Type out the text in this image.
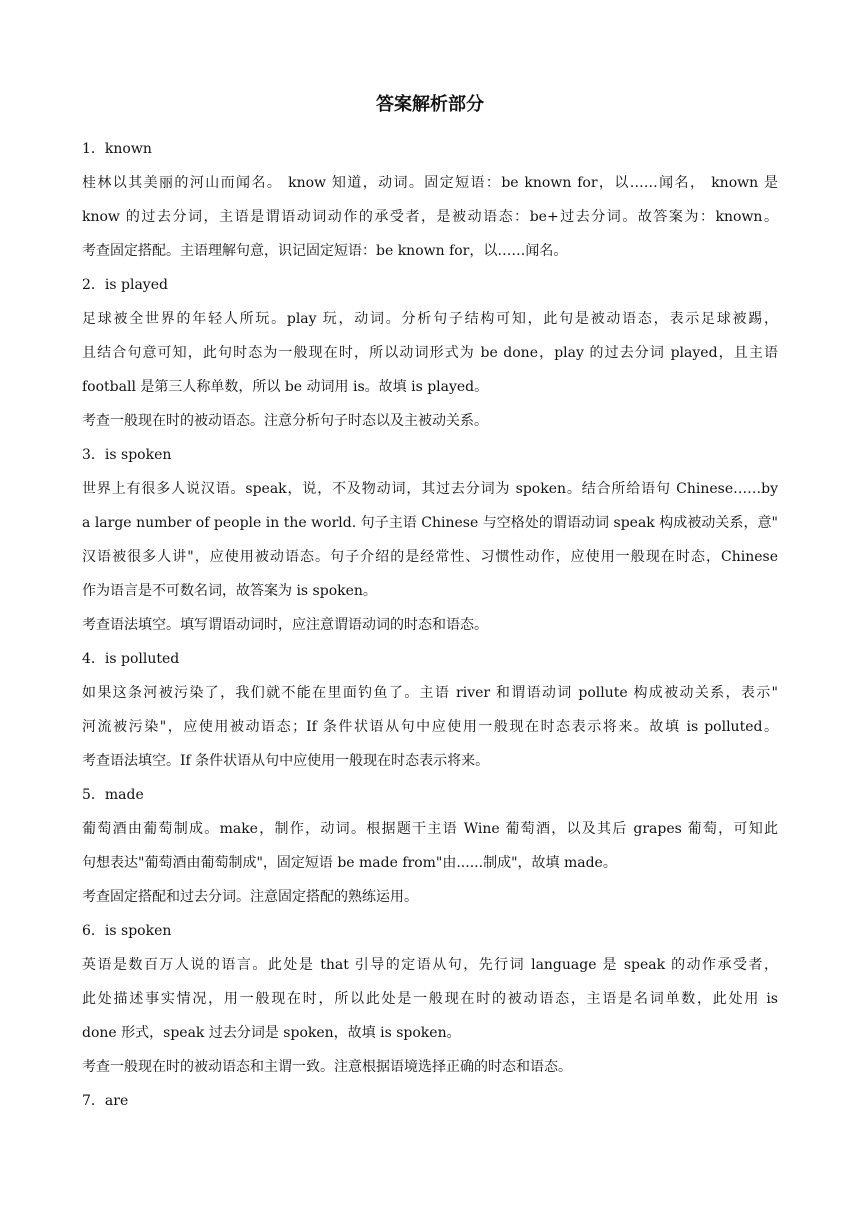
答案解析部分
1．known
桂林以其美丽的河山而闻名。 know 知道，动词。固定短语：be known for，以……闻名， known 是
know 的过去分词，主语是谓语动词动作的承受者，是被动语态：be+过去分词。故答案为：known。
考查固定搭配。主语理解句意，识记固定短语：be known for，以……闻名。
2．is played
足球被全世界的年轻人所玩。play 玩，动词。分析句子结构可知，此句是被动语态，表示足球被踢，
且结合句意可知，此句时态为一般现在时，所以动词形式为 be done，play 的过去分词 played，且主语
football 是第三人称单数，所以 be 动词用 is。故填 is played。
考查一般现在时的被动语态。注意分析句子时态以及主被动关系。
3．is spoken
世界上有很多人说汉语。speak，说，不及物动词，其过去分词为 spoken。结合所给语句 Chinese……by
a large number of people in the world. 句子主语 Chinese 与空格处的谓语动词 speak 构成被动关系，意"
汉语被很多人讲"，应使用被动语态。句子介绍的是经常性、习惯性动作，应使用一般现在时态，Chinese
作为语言是不可数名词，故答案为 is spoken。
考查语法填空。填写谓语动词时，应注意谓语动词的时态和语态。
4．is polluted
如果这条河被污染了，我们就不能在里面钓鱼了。主语 river 和谓语动词 pollute 构成被动关系，表示"
河流被污染"，应使用被动语态；If 条件状语从句中应使用一般现在时态表示将来。故填 is polluted。
考查语法填空。If 条件状语从句中应使用一般现在时态表示将来。
5．made
葡萄酒由葡萄制成。make，制作，动词。根据题干主语 Wine 葡萄酒，以及其后 grapes 葡萄，可知此
句想表达"葡萄酒由葡萄制成"，固定短语 be made from"由......制成"，故填 made。
考查固定搭配和过去分词。注意固定搭配的熟练运用。
6．is spoken
英语是数百万人说的语言。此处是 that 引导的定语从句，先行词 language 是 speak 的动作承受者，
此处描述事实情况，用一般现在时，所以此处是一般现在时的被动语态，主语是名词单数，此处用 is
done 形式，speak 过去分词是 spoken，故填 is spoken。
考查一般现在时的被动语态和主谓一致。注意根据语境选择正确的时态和语态。
7．are
